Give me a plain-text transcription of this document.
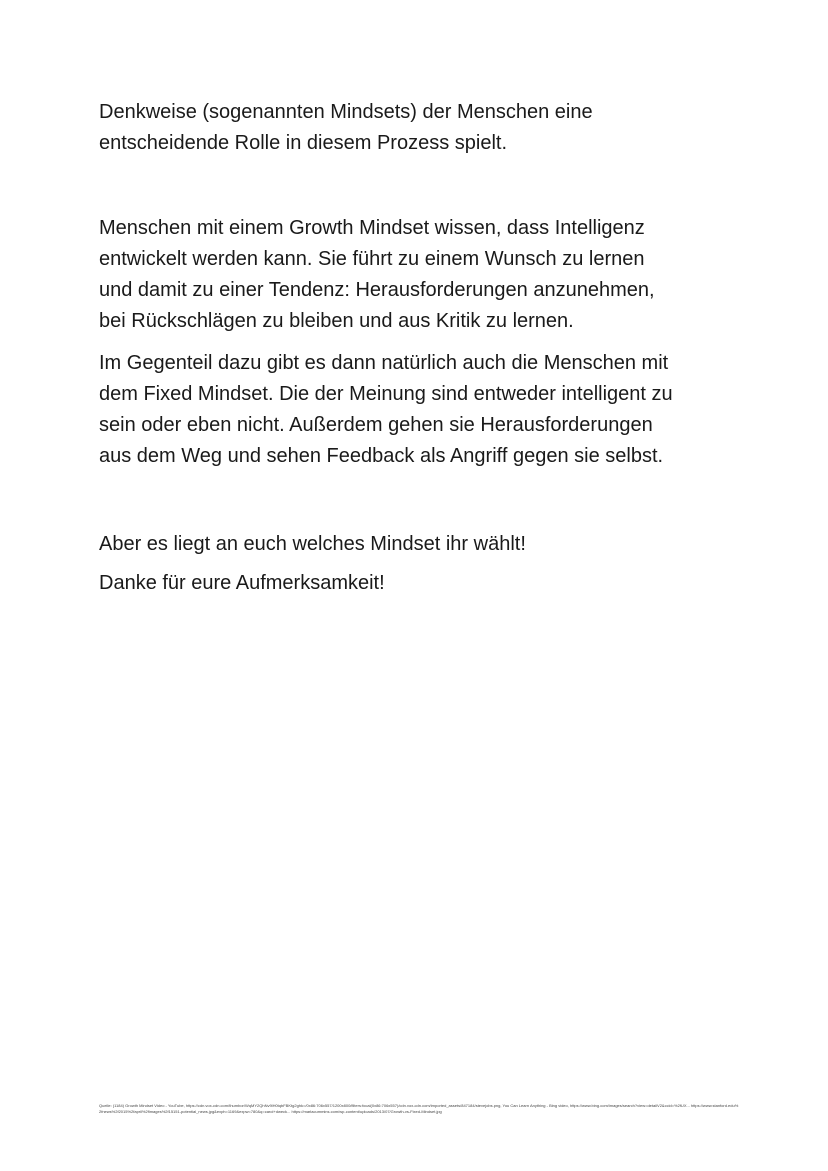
Denkweise (sogenannten Mindsets) der Menschen eine
entscheidende Rolle in diesem Prozess spielt.

Menschen mit einem Growth Mindset wissen, dass Intelligenz
entwickelt werden kann. Sie führt zu einem Wunsch zu lernen
und damit zu einer Tendenz: Herausforderungen anzunehmen,
bei Rückschlägen zu bleiben und aus Kritik zu lernen.

Im Gegenteil dazu gibt es dann natürlich auch die Menschen mit
dem Fixed Mindset. Die der Meinung sind entweder intelligent zu
sein oder eben nicht. Außerdem gehen sie Herausforderungen
aus dem Weg und sehen Feedback als Angriff gegen sie selbst.

Aber es liegt an euch welches Mindset ihr wählt!

Danke für eure Aufmerksamkeit!

Quelle: (1184) Growth Mindset Video - YouTube, https://cdn.vox-cdn.com/thumbor/WqMY2QhNv9lH0tqbFBKtg2ghk=/0x86:706x557/1200x800/filters:focal(0x86:706x557)/cdn.vox-cdn.com/imported_assets/847184/stevejobs.png, You Can Learn Anything - Bing video, https://www.bing.com/images/search?view=detailV2&ccid=%2fUX... https://www.stanford.edu%2fnews%2f2015%2fapril%2fimages%2f15151-potential_news.jpg&exph=1169&expw=780&q=carol+dweck... https://marlacummins.com/wp-content/uploads/2013/07/Growth-vs-Fixed-Mindset.jpg
